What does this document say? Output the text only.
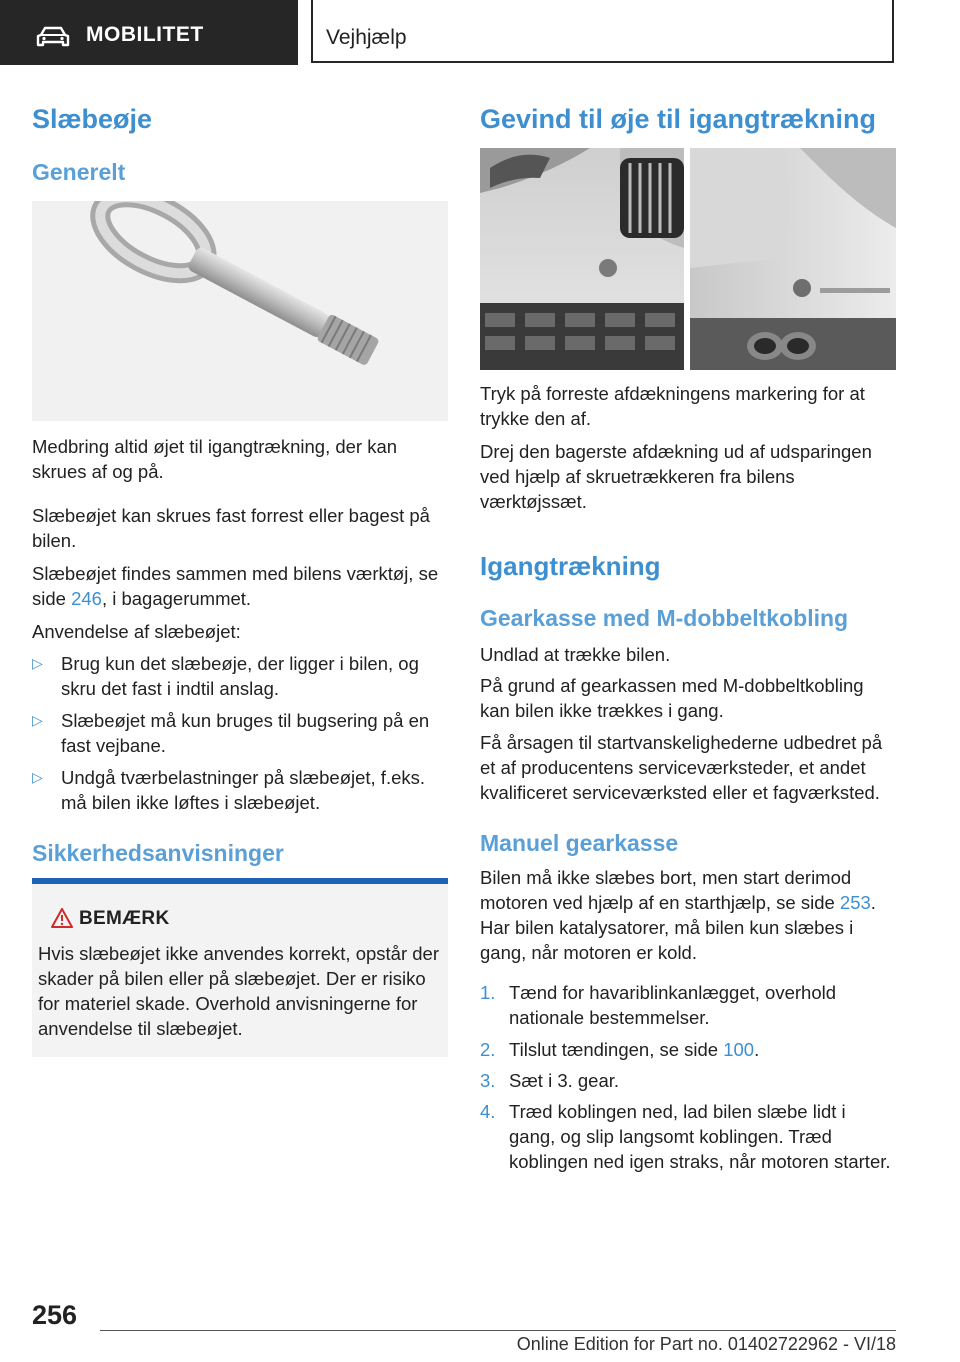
MOBILITET	Vejhjælp
Slæbeøje
Generelt
Medbring altid øjet til igangtrækning, der kan skrues af og på.
Slæbeøjet kan skrues fast forrest eller bagest på bilen.
Slæbeøjet findes sammen med bilens værktøj, se side 246, i bagagerummet.
Anvendelse af slæbeøjet:
▷ Brug kun det slæbeøje, der ligger i bilen, og skru det fast i indtil anslag.
▷ Slæbeøjet må kun bruges til bugsering på en fast vejbane.
▷ Undgå tværbelastninger på slæbeøjet, f.eks. må bilen ikke løftes i slæbeøjet.
Sikkerhedsanvisninger
BEMÆRK
Hvis slæbeøjet ikke anvendes korrekt, opstår der skader på bilen eller på slæbeøjet. Der er risiko for materiel skade. Overhold anvisningerne for anvendelse til slæbeøjet.
Gevind til øje til igangtrækning
Tryk på forreste afdækningens markering for at trykke den af.
Drej den bagerste afdækning ud af udsparingen ved hjælp af skruetrækkeren fra bilens værktøjssæt.
Igangtrækning
Gearkasse med M-dobbeltkobling
Undlad at trække bilen.
På grund af gearkassen med M-dobbeltkobling kan bilen ikke trækkes i gang.
Få årsagen til startvanskelighederne udbedret på et af producentens serviceværksteder, et andet kvalificeret serviceværksted eller et fagværksted.
Manuel gearkasse
Bilen må ikke slæbes bort, men start derimod motoren ved hjælp af en starthjælp, se side 253.
Har bilen katalysatorer, må bilen kun slæbes i gang, når motoren er kold.
1. Tænd for havariblinkanlægget, overhold nationale bestemmelser.
2. Tilslut tændingen, se side 100.
3. Sæt i 3. gear.
4. Træd koblingen ned, lad bilen slæbe lidt i gang, og slip langsomt koblingen. Træd koblingen ned igen straks, når motoren starter.
256
Online Edition for Part no. 01402722962 - VI/18
